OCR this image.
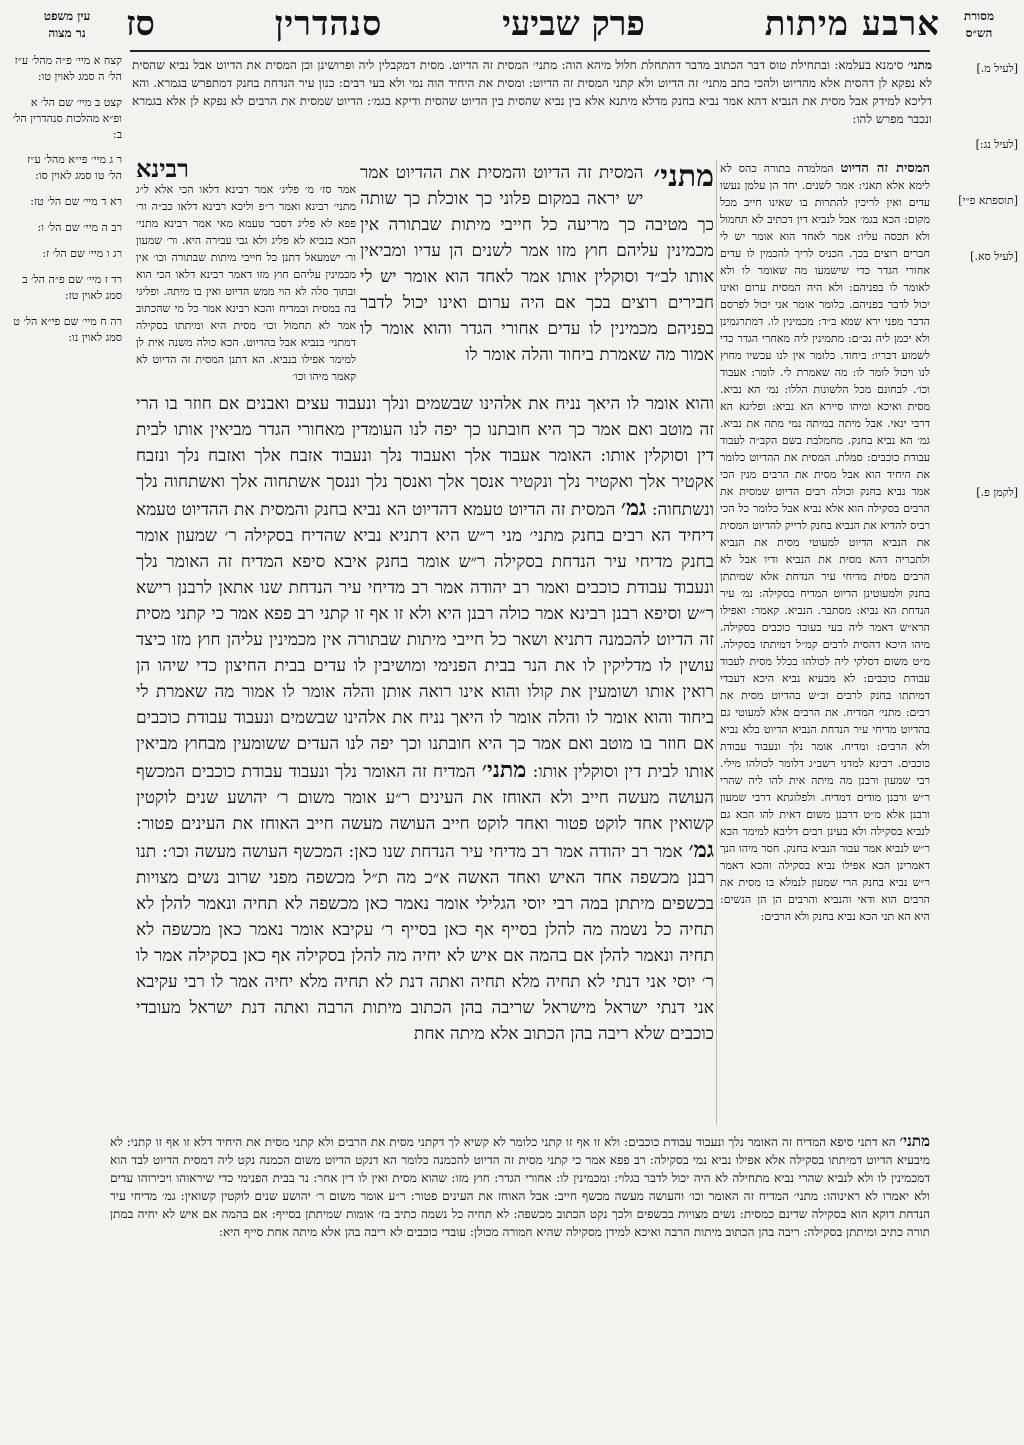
ארבע מיתות
פרק שביעי
סנהדרין
סז
עין משפט
נר מצוה
קצח א מיי׳ פ״ה מהל׳ ע״ז הל׳ ה סמג לאוין טו:
קצט ב מיי׳ שם הל׳ א ופ״א מהלכות סנהדרין הל׳ ב:
ר ג מיי׳ פי״א מהל׳ ע״ז הל׳ טו סמג לאוין סו:
רא ד מיי׳ שם הל׳ טז:
רב ה מיי׳ שם הל׳ ו:
רג ו מיי׳ שם הל׳ ז:
רד ז מיי׳ שם פ״ה הל׳ ב סמג לאוין טז:
רה ח מיי׳ שם פי״א הל׳ ט סמג לאוין נו:
מסורת
הש״ס
[לעיל מ.]
[לעיל נג:]
[תוספתא פ״י]
[לעיל סא.]
[לקמן פ.]
מתני׳ סימנא בעלמא: ובתחילת טוס דבר הכתוב מדבר דהתחלת חלול מיהא הוה: מתני׳ המסית זה הדיוט. מסית דמקבלין ליה ופרושינן וכן המסית את הדיוט אבל נביא שהסית לא נפקא לן דהסית אלא מהדיוט ולהכי כתב מתני׳ זה הדיוט ולא קתני המסית זה הדיוט: ומסית את היחיד הוה נמי ולא בעי רבים: כנון עיר הנדחת בחנק דמתפרש בגמרא. והא דליכא למידק אבל מסית את הנביא דהא אמר נביא בחנק מדלא מיתנא אלא בין נביא שהסית בין הדיוט שהסית ודיקא בגמ׳: הדיוט שמסית את הרבים לא נפקא לן אלא בגמרא ונכבר מפרש להו:
המסית זה הדיוט המלמדה בתורה כהס לא לימא אלא תאני: אמר לשנים. יחד הן עלמן נעשו עדים ואין לריכין להתרות בו שאינו חייב מכל מקום: הכא בגמ׳ אבל לנביא דין דכתיב לא תחמול ולא תכסה עליו: אמר לאחד הוא אומר יש לי חברים רוצים בכך. הכניס לריך להכמין לו עדים אחורי הגדר כדי שישמעו מה שאומר לו ולא לאומר לו בפניהם: ולא היה המסית ערום ואינו יכול לדבר בפניהם. כלומר אומר אני יכול לפרסם הדבר מפני ירא שמא ב״ד: מכמינין לו. דמתרגמינן ולא יכמן ליה נכ״ם: מתמינין ליה מאחרי הגדר כדי לשמוע דבריו: ביחוד. כלומר אין לנו עכשיו מחוץ לנו ויכול לומר לו: מה שאמרת לי. לומר: אעבוד וכו׳. לבחונם מכל הלשונות הללו: נמ׳ הא נביא. מסית ואיכא ומיהו סיירא הא נביא: ופליגא הא דרבי ינאי. אבל מיתה במיתה נמי מתה את נביא. גמ׳ הא נביא בחנק. מחמלבת בשם הקב״ה לעבוד עבודת כוכבים: סמלת. המסית את ההדיוט כלומר את היחיד הוא אבל מסית את הרבים מנין הכי אמר נביא בחנק וכולה רבים הדיוט שמסית את הרבים בסקילה הוא אלא נביא אבל כלומר כל הכי רביס להדיא את הנביא בחנק לדייק להדיוט המסית את הנביא הדיוט למעוטי מסית את הנביא ולתכריה דהא מסית את הנביא ודיו אבל לא הרבים מסית מדיחי עיר הנדחת אלא שמיתתן בחנק ולמעוטינן הדיוט המדיח בסקילה: נמ׳ עיר הנדחת הא נביא: מסתבר. הנביא. קאמר: ואפילו הרא״ש דאמר ליה בעי בעובד כוכבים בסקילה. מיהו היכא דהסית לרבים קמ״ל דמיתתו בסקילה. מ״ט משום דסלקי ליה לכולהו בכלל מסית לעבוד עבודת כוכבים: לא מבעיא נביא היכא דעבדי דמיתתו בחנק לרבים וכ״ש בהדיוט מסית את רבים: מתני׳ המדיח. את הרבים אלא למעוטי גם בהדיוט מדיחי עיר הנדחת הנביא הדיוט בלא נביא ולא הרבים: ומדיח. אומר נלך ונעבוד עבודת כוכבים. רבינא למדני רשב״ג דלומר לכולהו מילי. רבי שמעון ורבנן מה מיתה אית להו ליה שהרי ר״ש ורבנן מודים דמדיח. ולפלוגתא דרבי שמעון ורבנן אלא מ״ט דרבנן משום דאית להו הכא גם לנביא בסקילה ולא בעינן רבים דליבא למימר הכא ר״ש לנביא אמר עבור הנביא בחנק. חסר מיהו הנך דאמרינן הכא אפילו נביא בסקילה והכא דאמר ר״ש נביא בחנק הרי שמעון לנמלא בו מסית את הרבים הוא ודאי והנביא והרבים הן הן הנשים: היא הא תני הכא נביא בחנק ולא הרבים:
מתני׳
המסית זה הדיוט והמסית את ההדיוט אמר יש יראה במקום פלוני כך אוכלת כך שותה כך מטיבה כך מריעה כל חייבי מיתות שבתורה אין מכמינין עליהם חוץ מזו אמר לשנים הן עדיו ומביאין אותו לב״ד וסוקלין אותו אמר לאחד הוא אומר יש לי חבירים רוצים בכך אם היה ערום ואינו יכול לדבר בפניהם מכמינין לו עדים אחורי הגדר והוא אומר לו אמור מה שאמרת ביחוד והלה אומר לו
רבינא
אמר סז׳ מ׳ פליג׳ אמר רבינא דלאו הכי אלא ל״ג מתני׳ רבינא ואמר ר״פ וליכא רבינא דלאו כב״ה ור׳ פפא לא פליג דסבר טעמא מאי אמר רבינא מתני׳ הכא בנביא לא פליג ולא גבי עבירה היא. ור׳ שמעון ור׳ ישמעאל דתנן כל חייבי מיתות שבתורה וכו׳ אין מכמינין עליהם חוץ מזו דאמר רבינא דלאו הכי הוא ובתוך סלה לא הוי ממש הדיוט ואין בו מיתה. ופליגי בה במסית ובמדיח והכא רבינא אמר כל מי שהכתוב אמר לא תחמול וכו׳ מסית היא ומיתתו בסקילה דמתני׳ בנביא אבל בהדיוט. הכא כולה משנה אית לן למימר אפילו בנביא. הא דתנן המסית זה הדיוט לא קאמר מיהו וכו׳
והוא אומר לו היאך נניח את אלהינו שבשמים ונלך ונעבוד עצים ואבנים אם חוזר בו הרי זה מוטב ואם אמר כך היא חובתנו כך יפה לנו העומדין מאחורי הגדר מביאין אותו לבית דין וסוקלין אותו: האומר אעבוד אלך ואעבוד נלך ונעבוד אזבח אלך ואזבח נלך ונזבח אקטיר אלך ואקטיר נלך ונקטיר אנסך אלך ואנסך נלך וננסך אשתחוה אלך ואשתחוה נלך ונשתחוה: גמ׳ המסית זה הדיוט טעמא דהדיוט הא נביא בחנק והמסית את ההדיוט טעמא דיחיד הא רבים בחנק מתני׳ מני ר״ש היא דתניא נביא שהדיח בסקילה ר׳ שמעון אומר בחנק מדיחי עיר הנדחת בסקילה ר״ש אומר בחנק איבא סיפא המדיח זה האומר נלך ונעבוד עבודת כוכבים ואמר רב יהודה אמר רב מדיחי עיר הנדחת שנו אתאן לרבנן רישא ר״ש וסיפא רבנן רבינא אמר כולה רבנן היא ולא זו אף זו קתני רב פפא אמר כי קתני מסית זה הדיוט להכמנה דתניא ושאר כל חייבי מיתות שבתורה אין מכמינין עליהן חוץ מזו כיצד עושין לו מדליקין לו את הנר בבית הפנימי ומושיבין לו עדים בבית החיצון כדי שיהו הן רואין אותו ושומעין את קולו והוא אינו רואה אותן והלה אומר לו אמור מה שאמרת לי ביחוד והוא אומר לו והלה אומר לו היאך נניח את אלהינו שבשמים ונעבוד עבודת כוכבים אם חוזר בו מוטב ואם אמר כך היא חובתנו וכך יפה לנו העדים ששומעין מבחוץ מביאין אותו לבית דין וסוקלין אותו: מתני׳ המדיח זה האומר נלך ונעבוד עבודת כוכבים המכשף העושה מעשה חייב ולא האוחז את העינים ר״ע אומר משום ר׳ יהושע שנים לוקטין קשואין אחד לוקט פטור ואחד לוקט חייב העושה מעשה חייב האוחז את העינים פטור: גמ׳ אמר רב יהודה אמר רב מדיחי עיר הנדחת שנו כאן: המכשף העושה מעשה וכו׳: תנו רבנן מכשפה אחד האיש ואחד האשה א״כ מה ת״ל מכשפה מפני שרוב נשים מצויות בכשפים מיתתן במה רבי יוסי הגלילי אומר נאמר כאן מכשפה לא תחיה ונאמר להלן לא תחיה כל נשמה מה להלן בסייף אף כאן בסייף ר׳ עקיבא אומר נאמר כאן מכשפה לא תחיה ונאמר להלן אם בהמה אם איש לא יחיה מה להלן בסקילה אף כאן בסקילה אמר לו ר׳ יוסי אני דנתי לא תחיה מלא תחיה ואתה דנת לא תחיה מלא יחיה אמר לו רבי עקיבא אני דנתי ישראל מישראל שריבה בהן הכתוב מיתות הרבה ואתה דנת ישראל מעובדי כוכבים שלא ריבה בהן הכתוב אלא מיתה אחת
מתני׳ הא דתני סיפא המדיח זה האומר נלך ונעבוד עבודת כוכבים: ולא זו אף זו קתני כלומר לא קשיא לך דקתני מסית את הרבים ולא קתני מסית את היחיד דלא זו אף זו קתני: לא מיבעיא הדיוט דמיתתו בסקילה אלא אפילו נביא נמי בסקילה: רב פפא אמר כי קתני מסית זה הדיוט להכמנה כלומר הא דנקט הדיוט משום הכמנה נקט ליה דמסית הדיוט לבד הוא דמכמינין לו ולא לנביא שהרי נביא מתחילה לא היה יכול לדבר בגלוי: ומכמינין לו: אחורי הגדר: חוץ מזו: שהוא מסית ואין לו דין אחר: נר בבית הפנימי כדי שיראוהו ויכירוהו עדים ולא יאמרו לא ראינוהו: מתני׳ המדיח זה האומר וכו׳ והעושה מעשה מכשף חייב: אבל האוחז את העינים פטור: ר״ע אומר משום ר׳ יהושע שנים לוקטין קשואין: גמ׳ מדיחי עיר הנדחת דוקא הוא בסקילה שדינם כמסית: נשים מצויות בכשפים ולכך נקט הכתוב מכשפה: לא תחיה כל נשמה כתיב בז׳ אומות שמיתתן בסייף: אם בהמה אם איש לא יחיה במתן תורה כתיב ומיתתן בסקילה: ריבה בהן הכתוב מיתות הרבה ואיכא למידן מסקילה שהיא חמורה מכולן: עובדי כוכבים לא ריבה בהן אלא מיתה אחת סייף היא:
